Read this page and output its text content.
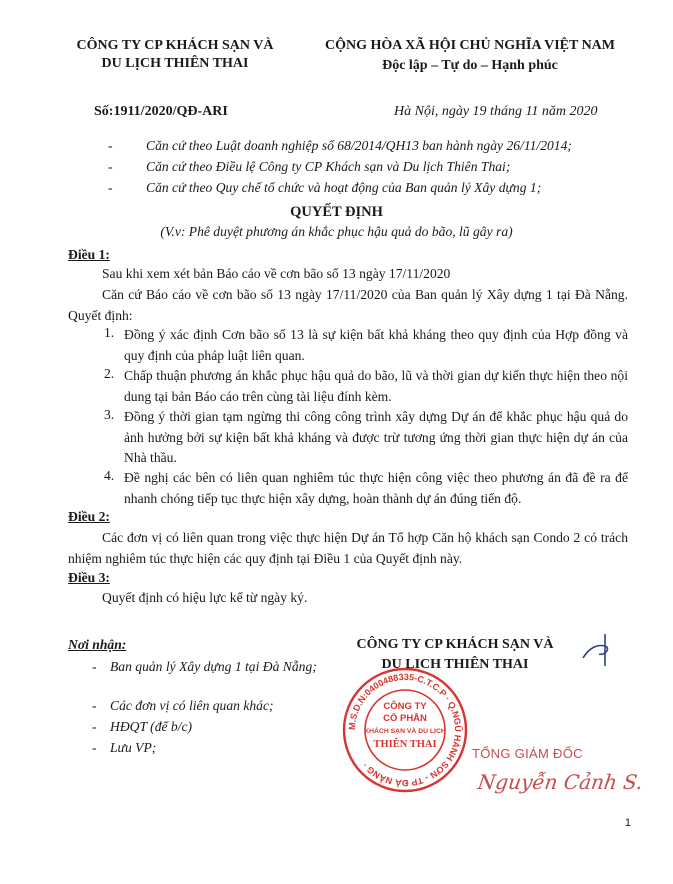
CÔNG TY CP KHÁCH SẠN VÀ
DU LỊCH THIÊN THAI
CỘNG HÒA XÃ HỘI CHỦ NGHĨA VIỆT NAM
Độc lập – Tự do – Hạnh phúc
Số:1911/2020/QĐ-ARI	Hà Nội, ngày 19 tháng 11 năm 2020
- Căn cứ theo Luật doanh nghiệp số 68/2014/QH13 ban hành ngày 26/11/2014;
- Căn cứ theo Điều lệ Công ty CP Khách sạn và Du lịch Thiên Thai;
- Căn cứ theo Quy chế tổ chức và hoạt động của Ban quản lý Xây dựng 1;
QUYẾT ĐỊNH
(V.v: Phê duyệt phương án khắc phục hậu quả do bão, lũ gây ra)
Điều 1:
Sau khi xem xét bản Báo cáo về cơn bão số 13 ngày 17/11/2020
Căn cứ Báo cáo về cơn bão số 13 ngày 17/11/2020 của Ban quản lý Xây dựng 1 tại Đà Nẵng. Quyết định:
1. Đồng ý xác định Cơn bão số 13 là sự kiện bất khả kháng theo quy định của Hợp đồng và quy định của pháp luật liên quan.
2. Chấp thuận phương án khắc phục hậu quả do bão, lũ và thời gian dự kiến thực hiện theo nội dung tại bản Báo cáo trên cùng tài liệu đính kèm.
3. Đồng ý thời gian tạm ngừng thi công công trình xây dựng Dự án để khắc phục hậu quả do ảnh hưởng bởi sự kiện bất khả kháng và được trừ tương ứng thời gian thực hiện dự án của Nhà thầu.
4. Đề nghị các bên có liên quan nghiêm túc thực hiện công việc theo phương án đã đề ra để nhanh chóng tiếp tục thực hiện xây dựng, hoàn thành dự án đúng tiến độ.
Điều 2:
Các đơn vị có liên quan trong việc thực hiện Dự án Tổ hợp Căn hộ khách sạn Condo 2 có trách nhiệm nghiêm túc thực hiện các quy định tại Điều 1 của Quyết định này.
Điều 3:
Quyết định có hiệu lực kể từ ngày ký.
Nơi nhận:
- Ban quản lý Xây dựng 1 tại Đà Nẵng;
- Các đơn vị có liên quan khác;
- HĐQT (để b/c)
- Lưu VP;
CÔNG TY CP KHÁCH SẠN VÀ
DU LỊCH THIÊN THAI
M.S.D.N:0400488335-C.T.C.P · Q.NGŨ HÀNH SƠN - TP ĐÀ NẴNG ·
CÔNG TY
CỔ PHẦN
KHÁCH SẠN VÀ DU LỊCH
THIÊN THAI
TỔNG GIÁM ĐỐC
Nguyễn Cảnh S.
1
